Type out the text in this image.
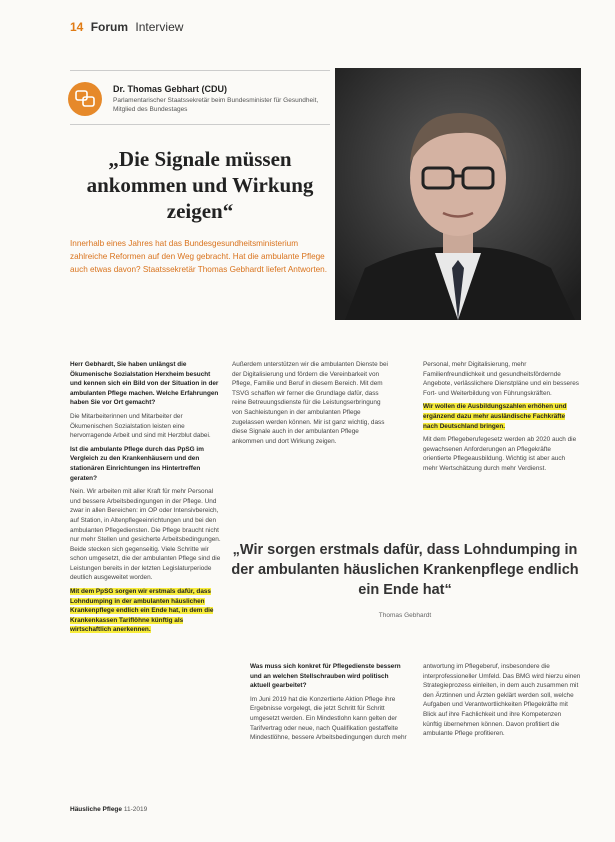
14 Forum Interview
Dr. Thomas Gebhart (CDU)
Parlamentarischer Staatssekretär beim Bundesminister für Gesundheit, Mitglied des Bundestages
„Die Signale müssen ankommen und Wirkung zeigen“
Innerhalb eines Jahres hat das Bundesgesundheitsministerium zahlreiche Reformen auf den Weg gebracht. Hat die ambulante Pflege auch etwas davon? Staatssekretär Thomas Gebhardt liefert Antworten.

Herr Gebhardt, Sie haben unlängst die Ökumenische Sozialstation Herxheim besucht und kennen sich ein Bild von der Situation in der ambulanten Pflege machen. Welche Erfahrungen haben Sie vor Ort gemacht?

Die Mitarbeiterinnen und Mitarbeiter der Ökumenischen Sozialstation leisten eine hervorragende Arbeit und sind mit Herzblut dabei.

Ist die ambulante Pflege durch das PpSG im Vergleich zu den Krankenhäusern und den stationären Einrichtungen ins Hintertreffen geraten?

Nein. Wir arbeiten mit aller Kraft für mehr Personal und bessere Arbeitsbedingungen in der Pflege. Und zwar in allen Bereichen: im OP oder Intensivbereich, auf Station, in Altenpflegeeinrichtungen und bei den ambulanten Pflegediensten. Die Pflege braucht nicht nur mehr Stellen und gesicherte Arbeitsbedingungen. Beide stecken sich gegenseitig. Viele Schritte wir schon umgesetzt, die der ambulanten Pflege sind die Leistungen bereits in der letzten Legislaturperiode deutlich ausgeweitet worden.

Mit dem PpSG sorgen wir erstmals dafür, dass Lohndumping in der ambulanten häuslichen Krankenpflege endlich ein Ende hat, in dem die Krankenkassen Tariflöhne künftig als wirtschaftlich anerkennen.

Außerdem unterstützen wir die ambulanten Dienste bei der Digitalisierung und fördern die Vereinbarkeit von Pflege, Familie und Beruf in diesem Bereich. Mit dem TSVG schaffen wir ferner die Grundlage dafür, dass reine Betreuungsdienste für die Leistungserbringung von Sachleistungen in der ambulanten Pflege zugelassen werden können. Mir ist ganz wichtig, dass diese Signale auch in der ambulanten Pflege ankommen und dort Wirkung zeigen.

Personal, mehr Digitalisierung, mehr Familienfreundlichkeit und gesundheitsfördernde Angebote, verlässlichere Dienstpläne und ein besseres Fort- und Weiterbildung von Führungskräften.

Wir wollen die Ausbildungszahlen erhöhen und ergänzend dazu mehr ausländische Fachkräfte nach Deutschland bringen.

Mit dem Pflegeberufegesetz werden ab 2020 auch die gewachsenen Anforderungen an Pflegekräfte orientierte Pflegeausbildung. Wichtig ist aber auch mehr Wertschätzung durch mehr Verdienst.

„Wir sorgen erstmals dafür, dass Lohndumping in der ambulanten häuslichen Krankenpflege endlich ein Ende hat“
Thomas Gebhardt

Was muss sich konkret für Pflegedienste bessern und an welchen Stellschrauben wird politisch aktuell gearbeitet?

Im Juni 2019 hat die Konzertierte Aktion Pflege ihre Ergebnisse vorgelegt, die jetzt Schritt für Schritt umgesetzt werden. Ein Mindestlohn kann gelten der Tarifvertrag oder neue, nach Qualifikation gestaffelte Mindestlöhne, bessere Arbeitsbedingungen durch mehr

antwortung im Pflegeberuf, insbesondere die interprofessioneller Umfeld. Das BMG wird hierzu einen Strategieprozess einleiten, in dem auch zusammen mit den Ärztinnen und Ärzten geklärt werden soll, welche Aufgaben und Verantwortlichkeiten Pflegekräfte mit Blick auf ihre Fachlichkeit und ihre Kompetenzen künftig übernehmen können. Davon profitiert die ambulante Pflege profitieren.

Häusliche Pflege 11-2019
